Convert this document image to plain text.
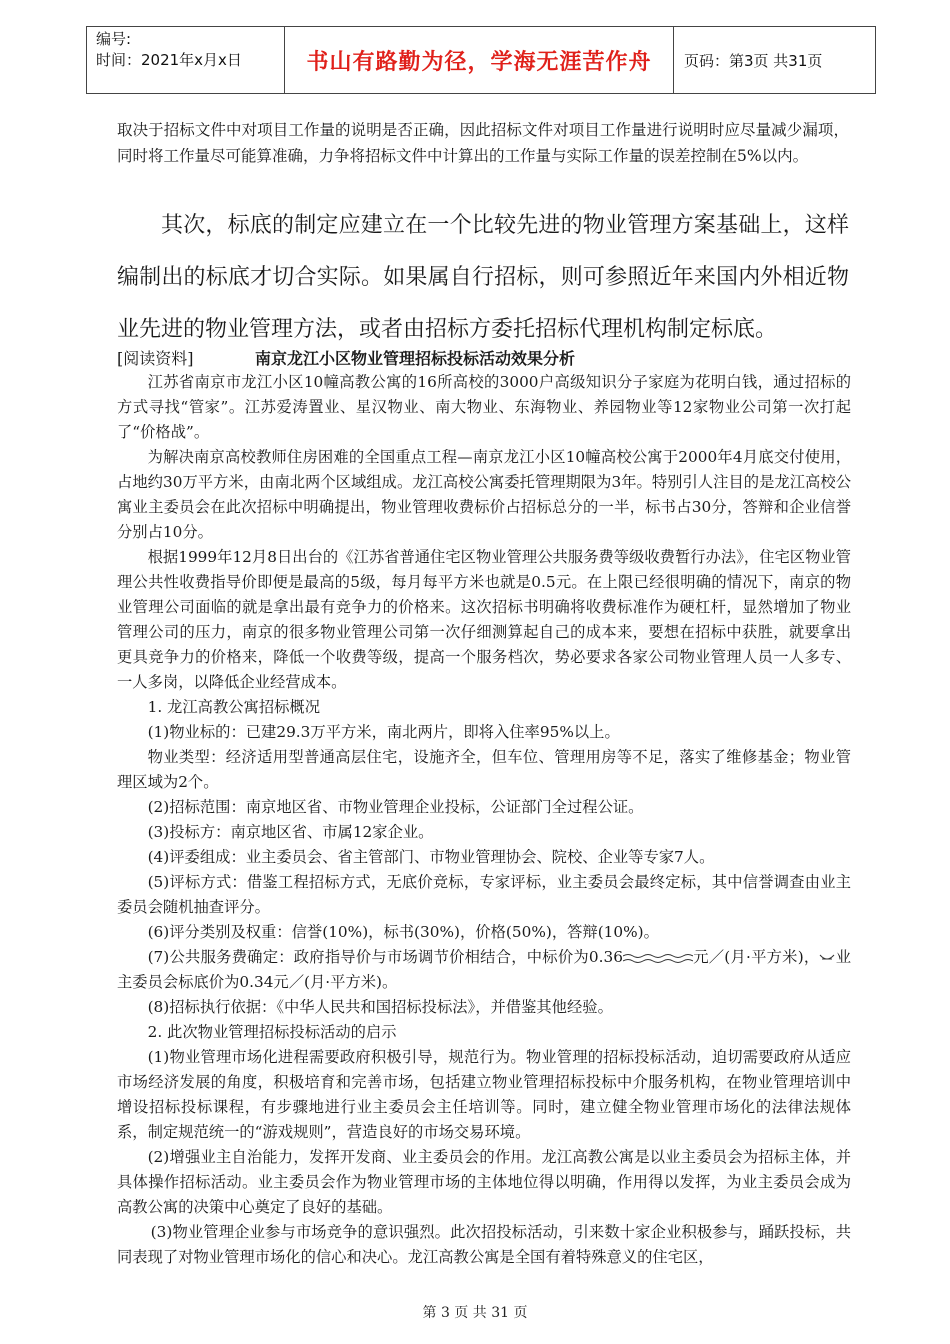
编号:
时间：2021年x月x日	书山有路勤为径，学海无涯苦作舟	页码：第3页 共31页

取决于招标文件中对项目工作量的说明是否正确，因此招标文件对项目工作量进行说明时应尽量减少漏项，同时将工作量尽可能算准确，力争将招标文件中计算出的工作量与实际工作量的误差控制在5%以内。

其次，标底的制定应建立在一个比较先进的物业管理方案基础上，这样编制出的标底才切合实际。如果属自行招标，则可参照近年来国内外相近物业先进的物业管理方法，或者由招标方委托招标代理机构制定标底。

[阅读资料]	南京龙江小区物业管理招标投标活动效果分析

江苏省南京市龙江小区10幢高教公寓的16所高校的3000户高级知识分子家庭为花明白钱，通过招标的方式寻找“管家”。江苏爱涛置业、星汉物业、南大物业、东海物业、养园物业等12家物业公司第一次打起了“价格战”。

为解决南京高校教师住房困难的全国重点工程—南京龙江小区10幢高校公寓于2000年4月底交付使用，占地约30万平方米，由南北两个区域组成。龙江高校公寓委托管理期限为3年。特别引人注目的是龙江高校公寓业主委员会在此次招标中明确提出，物业管理收费标价占招标总分的一半，标书占30分，答辩和企业信誉分别占10分。

根据1999年12月8日出台的《江苏省普通住宅区物业管理公共服务费等级收费暂行办法》，住宅区物业管理公共性收费指导价即便是最高的5级，每月每平方米也就是0.5元。在上限已经很明确的情况下，南京的物业管理公司面临的就是拿出最有竞争力的价格来。这次招标书明确将收费标准作为硬杠杆，显然增加了物业管理公司的压力，南京的很多物业管理公司第一次仔细测算起自己的成本来，要想在招标中获胜，就要拿出更具竞争力的价格来，降低一个收费等级，提高一个服务档次，势必要求各家公司物业管理人员一人多专、一人多岗，以降低企业经营成本。

1. 龙江高教公寓招标概况

(1)物业标的：已建29.3万平方米，南北两片，即将入住率95%以上。

物业类型：经济适用型普通高层住宅，设施齐全，但车位、管理用房等不足，落实了维修基金；物业管理区域为2个。

(2)招标范围：南京地区省、市物业管理企业投标，公证部门全过程公证。

(3)投标方：南京地区省、市属12家企业。

(4)评委组成：业主委员会、省主管部门、市物业管理协会、院校、企业等专家7人。

(5)评标方式：借鉴工程招标方式，无底价竞标，专家评标，业主委员会最终定标，其中信誉调查由业主委员会随机抽查评分。

(6)评分类别及权重：信誉(10%)，标书(30%)，价格(50%)，答辩(10%)。

(7)公共服务费确定：政府指导价与市场调节价相结合，中标价为0.36	元／(月·平方米)， 业主委员会标底价为0.34元／(月·平方米)。

(8)招标执行依据：《中华人民共和国招标投标法》，并借鉴其他经验。

2. 此次物业管理招标投标活动的启示

(1)物业管理市场化进程需要政府积极引导，规范行为。物业管理的招标投标活动，迫切需要政府从适应市场经济发展的角度，积极培育和完善市场，包括建立物业管理招标投标中介服务机构，在物业管理培训中增设招标投标课程，有步骤地进行业主委员会主任培训等。同时，建立健全物业管理市场化的法律法规体系，制定规范统一的“游戏规则”，营造良好的市场交易环境。

(2)增强业主自治能力，发挥开发商、业主委员会的作用。龙江高教公寓是以业主委员会为招标主体，并具体操作招标活动。业主委员会作为物业管理市场的主体地位得以明确，作用得以发挥，为业主委员会成为高教公寓的决策中心奠定了良好的基础。

(3)物业管理企业参与市场竞争的意识强烈。此次招投标活动，引来数十家企业积极参与，踊跃投标，共同表现了对物业管理市场化的信心和决心。龙江高教公寓是全国有着特殊意义的住宅区，

第 3 页 共 31 页
